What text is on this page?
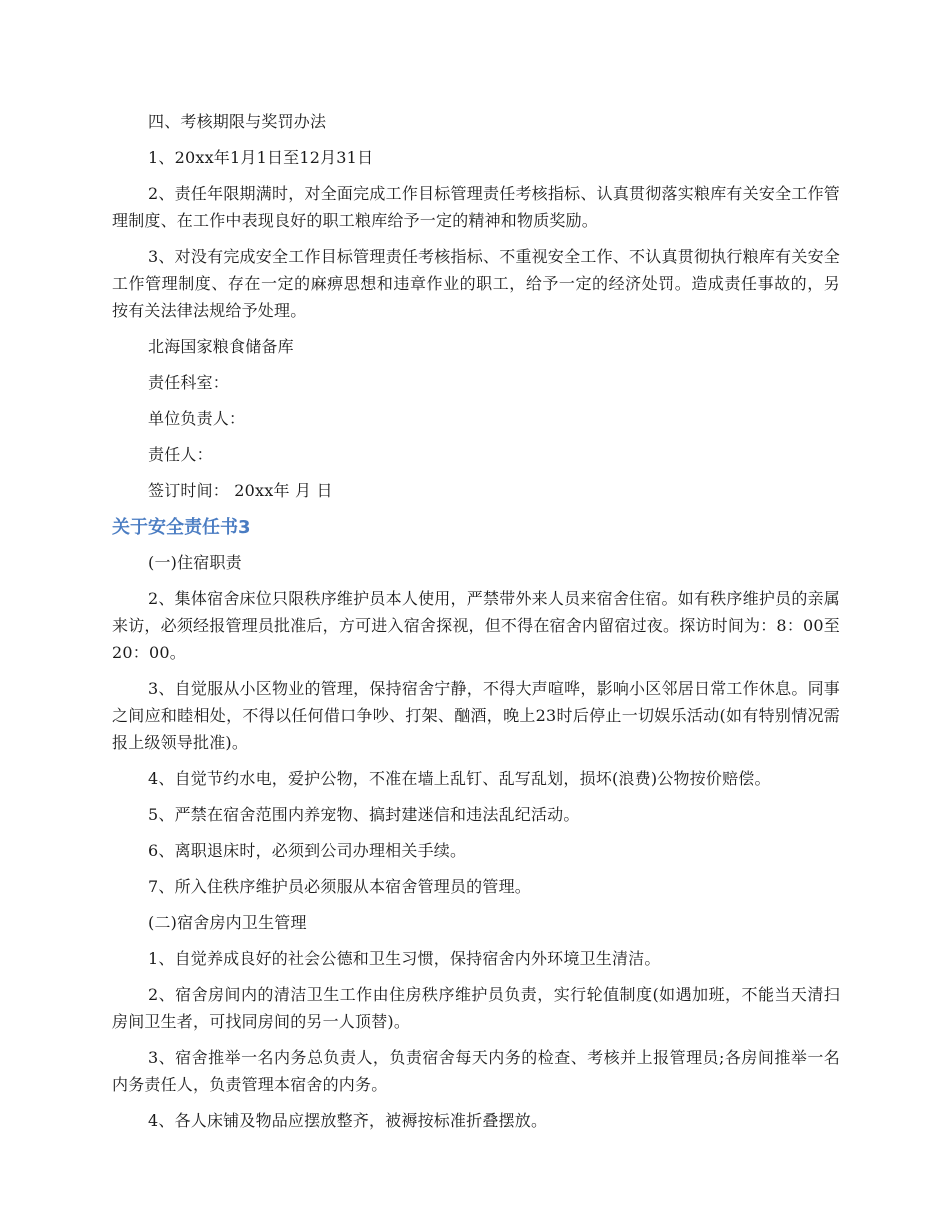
四、考核期限与奖罚办法

1、20xx年1月1日至12月31日

2、责任年限期满时，对全面完成工作目标管理责任考核指标、认真贯彻落实粮库有关安全工作管理制度、在工作中表现良好的职工粮库给予一定的精神和物质奖励。

3、对没有完成安全工作目标管理责任考核指标、不重视安全工作、不认真贯彻执行粮库有关安全工作管理制度、存在一定的麻痹思想和违章作业的职工，给予一定的经济处罚。造成责任事故的，另按有关法律法规给予处理。

北海国家粮食储备库

责任科室：

单位负责人：

责任人：

签订时间： 20xx年 月 日

关于安全责任书3

(一)住宿职责

2、集体宿舍床位只限秩序维护员本人使用，严禁带外来人员来宿舍住宿。如有秩序维护员的亲属来访，必须经报管理员批准后，方可进入宿舍探视，但不得在宿舍内留宿过夜。探访时间为：8：00至20：00。

3、自觉服从小区物业的管理，保持宿舍宁静，不得大声喧哗，影响小区邻居日常工作休息。同事之间应和睦相处，不得以任何借口争吵、打架、酗酒，晚上23时后停止一切娱乐活动(如有特别情况需报上级领导批准)。

4、自觉节约水电，爱护公物，不准在墙上乱钉、乱写乱划，损坏(浪费)公物按价赔偿。

5、严禁在宿舍范围内养宠物、搞封建迷信和违法乱纪活动。

6、离职退床时，必须到公司办理相关手续。

7、所入住秩序维护员必须服从本宿舍管理员的管理。

(二)宿舍房内卫生管理

1、自觉养成良好的社会公德和卫生习惯，保持宿舍内外环境卫生清洁。

2、宿舍房间内的清洁卫生工作由住房秩序维护员负责，实行轮值制度(如遇加班，不能当天清扫房间卫生者，可找同房间的另一人顶替)。

3、宿舍推举一名内务总负责人，负责宿舍每天内务的检查、考核并上报管理员;各房间推举一名内务责任人，负责管理本宿舍的内务。

4、各人床铺及物品应摆放整齐，被褥按标准折叠摆放。
